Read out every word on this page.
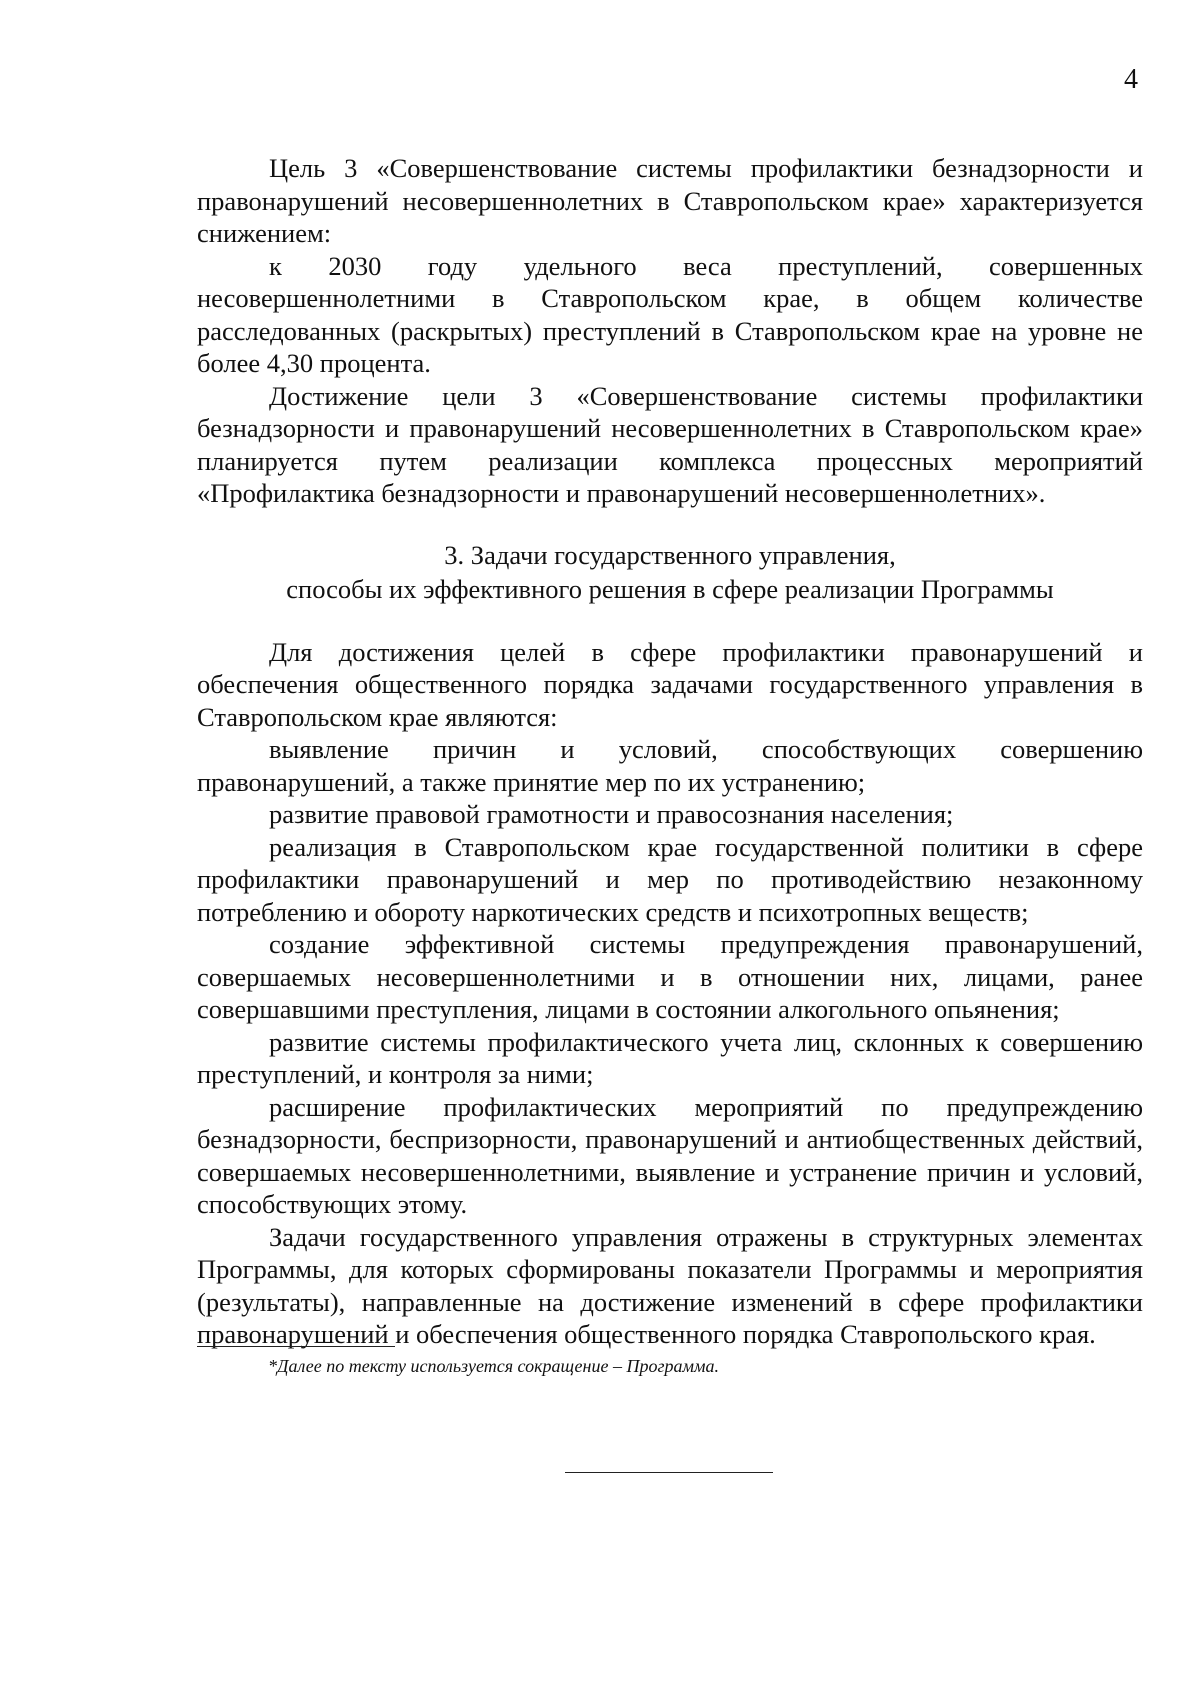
4

Цель 3 «Совершенствование системы профилактики безнадзорности и правонарушений несовершеннолетних в Ставропольском крае» характеризуется снижением:

к 2030 году удельного веса преступлений, совершенных несовершеннолетними в Ставропольском крае, в общем количестве расследованных (раскрытых) преступлений в Ставропольском крае на уровне не более 4,30 процента.

Достижение цели 3 «Совершенствование системы профилактики безнадзорности и правонарушений несовершеннолетних в Ставропольском крае» планируется путем реализации комплекса процессных мероприятий «Профилактика безнадзорности и правонарушений несовершеннолетних».

3. Задачи государственного управления,

способы их эффективного решения в сфере реализации Программы

Для достижения целей в сфере профилактики правонарушений и обеспечения общественного порядка задачами государственного управления в Ставропольском крае являются:

выявление причин и условий, способствующих совершению правонарушений, а также принятие мер по их устранению;

развитие правовой грамотности и правосознания населения;

реализация в Ставропольском крае государственной политики в сфере профилактики правонарушений и мер по противодействию незаконному потреблению и обороту наркотических средств и психотропных веществ;

создание эффективной системы предупреждения правонарушений, совершаемых несовершеннолетними и в отношении них, лицами, ранее совершавшими преступления, лицами в состоянии алкогольного опьянения;

развитие системы профилактического учета лиц, склонных к совершению преступлений, и контроля за ними;

расширение профилактических мероприятий по предупреждению безнадзорности, беспризорности, правонарушений и антиобщественных действий, совершаемых несовершеннолетними, выявление и устранение причин и условий, способствующих этому.

Задачи государственного управления отражены в структурных элементах Программы, для которых сформированы показатели Программы и мероприятия (результаты), направленные на достижение изменений в сфере профилактики правонарушений и обеспечения общественного порядка Ставропольского края.

*Далее по тексту используется сокращение – Программа.
